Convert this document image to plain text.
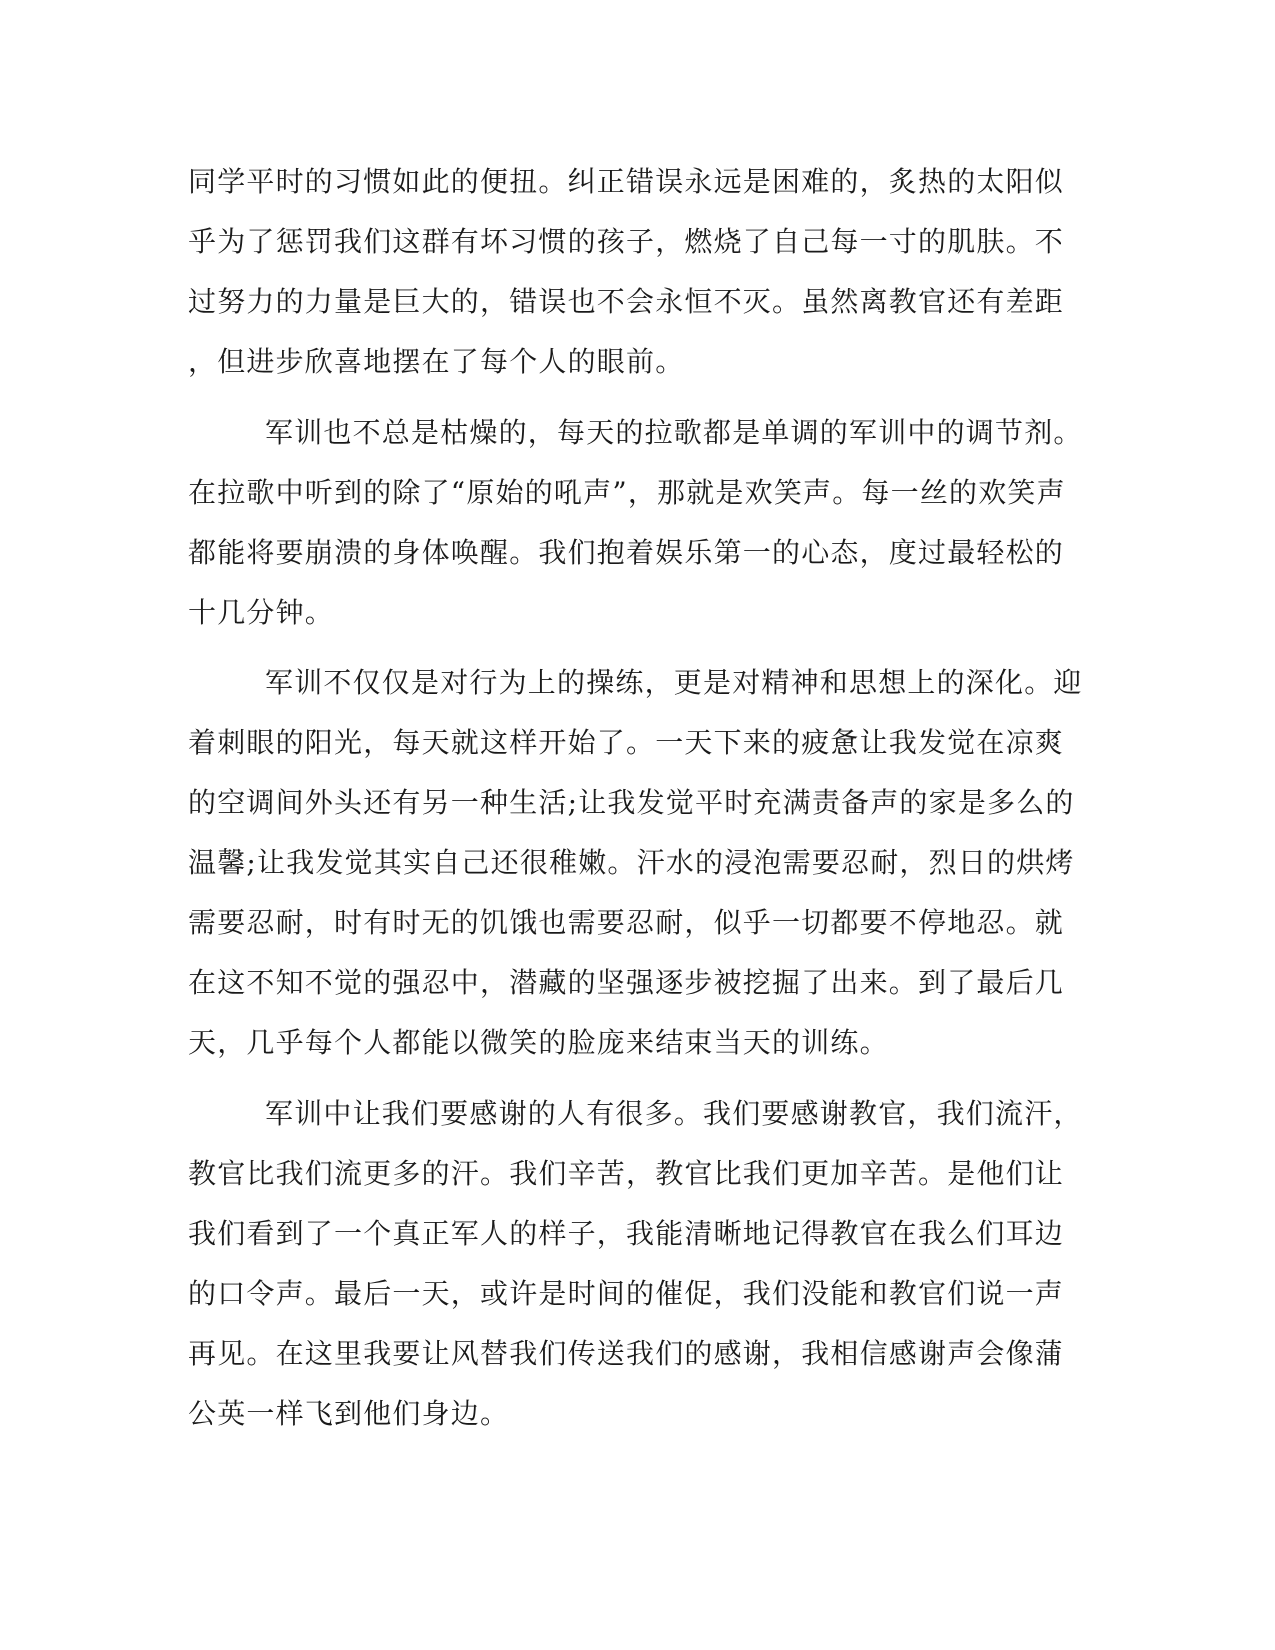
同学平时的习惯如此的便扭。纠正错误永远是困难的，炙热的太阳似
乎为了惩罚我们这群有坏习惯的孩子，燃烧了自己每一寸的肌肤。不
过努力的力量是巨大的，错误也不会永恒不灭。虽然离教官还有差距
，但进步欣喜地摆在了每个人的眼前。
军训也不总是枯燥的，每天的拉歌都是单调的军训中的调节剂。
在拉歌中听到的除了“原始的吼声”，那就是欢笑声。每一丝的欢笑声
都能将要崩溃的身体唤醒。我们抱着娱乐第一的心态，度过最轻松的
十几分钟。
军训不仅仅是对行为上的操练，更是对精神和思想上的深化。迎
着刺眼的阳光，每天就这样开始了。一天下来的疲惫让我发觉在凉爽
的空调间外头还有另一种生活;让我发觉平时充满责备声的家是多么的
温馨;让我发觉其实自己还很稚嫩。汗水的浸泡需要忍耐，烈日的烘烤
需要忍耐，时有时无的饥饿也需要忍耐，似乎一切都要不停地忍。就
在这不知不觉的强忍中，潜藏的坚强逐步被挖掘了出来。到了最后几
天，几乎每个人都能以微笑的脸庞来结束当天的训练。
军训中让我们要感谢的人有很多。我们要感谢教官，我们流汗，
教官比我们流更多的汗。我们辛苦，教官比我们更加辛苦。是他们让
我们看到了一个真正军人的样子，我能清晰地记得教官在我么们耳边
的口令声。最后一天，或许是时间的催促，我们没能和教官们说一声
再见。在这里我要让风替我们传送我们的感谢，我相信感谢声会像蒲
公英一样飞到他们身边。
